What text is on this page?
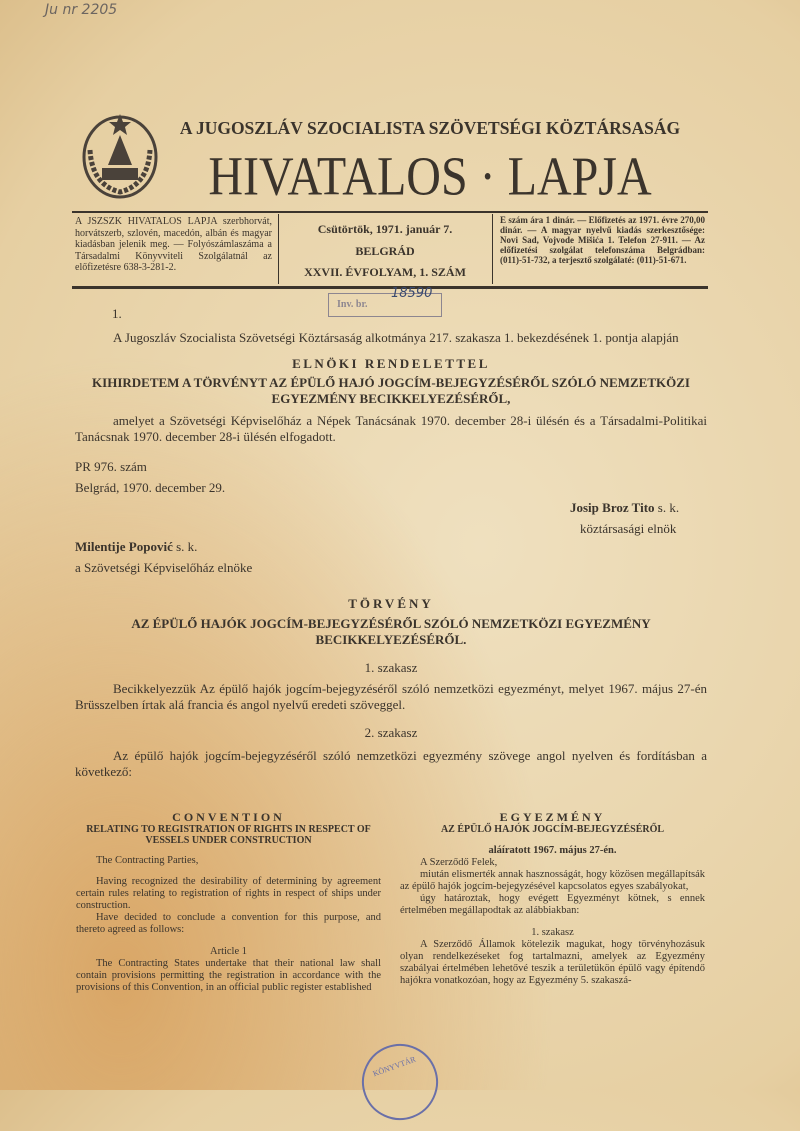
Ju nr 2205
A JUGOSZLÁV SZOCIALISTA SZÖVETSÉGI KÖZTÁRSASÁG
HIVATALOS · LAPJA
A JSZSZK HIVATALOS LAPJA szerbhorvát, horvátszerb, szlovén, macedón, albán és magyar kiadásban jelenik meg. — Folyószámlaszáma a Társadalmi Könyvviteli Szolgálatnál az előfizetésre 638-3-281-2.
Csütörtök, 1971. január 7.
BELGRÁD
XXVII. ÉVFOLYAM, 1. SZÁM
E szám ára 1 dinár. — Előfizetés az 1971. évre 270,00 dinár. — A magyar nyelvű kiadás szerkesztősége: Novi Sad, Vojvode Mišića 1. Telefon 27-911. — Az előfizetési szolgálat telefonszáma Belgrádban: (011)-51-732, a terjesztő szolgálaté: (011)-51-671.
Inv. br.
18590
1.
A Jugoszláv Szocialista Szövetségi Köztársaság alkotmánya 217. szakasza 1. bekezdésének 1. pontja alapján
ELNÖKI RENDELETTEL
KIHIRDETEM A TÖRVÉNYT AZ ÉPÜLŐ HAJÓ JOGCÍM-BEJEGYZÉSÉRŐL SZÓLÓ NEMZETKÖZI EGYEZMÉNY BECIKKELYEZÉSÉRŐL,
amelyet a Szövetségi Képviselőház a Népek Tanácsának 1970. december 28-i ülésén és a Társadalmi-Politikai Tanácsnak 1970. december 28-i ülésén elfogadott.
PR 976. szám
Belgrád, 1970. december 29.
Josip Broz Tito s. k.
köztársasági elnök
Milentije Popović s. k.
a Szövetségi Képviselőház elnöke
TÖRVÉNY
AZ ÉPÜLŐ HAJÓK JOGCÍM-BEJEGYZÉSÉRŐL SZÓLÓ NEMZETKÖZI EGYEZMÉNY BECIKKELYEZÉSÉRŐL.
1. szakasz
Becikkelyezzük Az épülő hajók jogcím-bejegyzéséről szóló nemzetközi egyezményt, melyet 1967. május 27-én Brüsszelben írtak alá francia és angol nyelvű eredeti szöveggel.
2. szakasz
Az épülő hajók jogcím-bejegyzéséről szóló nemzetközi egyezmény szövege angol nyelven és fordításban a következő:
CONVENTION
RELATING TO REGISTRATION OF RIGHTS IN RESPECT OF VESSELS UNDER CONSTRUCTION
The Contracting Parties,
Having recognized the desirability of determining by agreement certain rules relating to registration of rights in respect of ships under construction.
Have decided to conclude a convention for this purpose, and thereto agreed as follows:
Article 1
The Contracting States undertake that their national law shall contain provisions permitting the registration in accordance with the provisions of this Convention, in an official public register established
EGYEZMÉNY
AZ ÉPÜLŐ HAJÓK JOGCÍM-BEJEGYZÉSÉRŐL
aláíratott 1967. május 27-én.
A Szerződő Felek,
miután elismerték annak hasznosságát, hogy közösen megállapítsák az épülő hajók jogcím-bejegyzésével kapcsolatos egyes szabályokat,
úgy határoztak, hogy evégett Egyezményt kötnek, s ennek értelmében megállapodtak az alábbiakban:
1. szakasz
A Szerződő Államok kötelezik magukat, hogy törvényhozásuk olyan rendelkezéseket fog tartalmazni, amelyek az Egyezmény szabályai értelmében lehetővé teszik a területükön épülő vagy építendő hajókra vonatkozóan, hogy az Egyezmény 5. szakaszá-
KÖNYVTÁR
